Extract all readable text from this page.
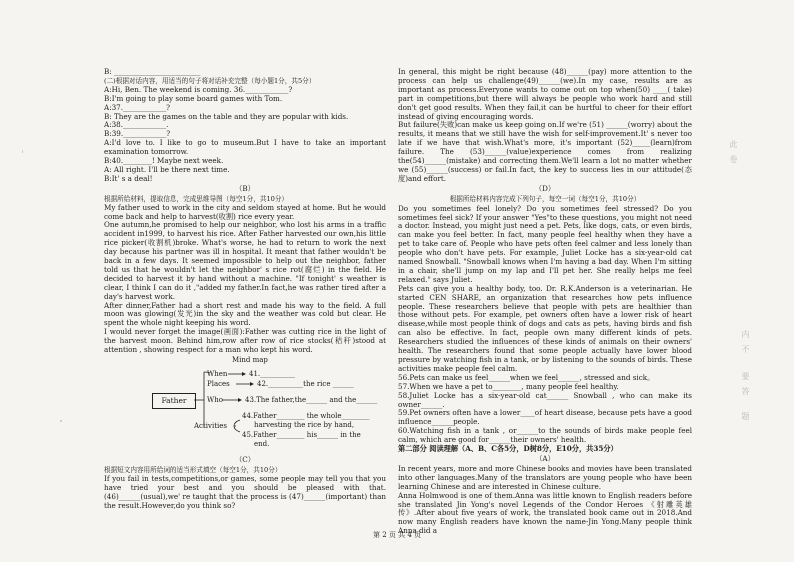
B: ________________________

(二)根据对话内容，用适当的句子将对话补充完整（每小题1分，共5分）

A:Hi, Ben. The weekend is coming. 36.____________?

B:I'm going to play some board games with Tom.

A:37.____________?

B: They are the games on the table and they are popular with kids.

A:38.____________.

B:39.____________?

A:I'd love to. I like to go to museum.But I have to take an important examination tomorrow.

B:40.________! Maybe next week.

A: All right. I'll be there next time.

B:It' s a deal!

（B）

根据所给材料，提取信息，完成思维导图（每空1分，共10分）

My father used to work in the city and seldom stayed at home. But he would come back and help to harvest(收割) rice every year.

One autumn,he promised to help our neighbor, who lost his arms in a traffic accident in1999, to harvest his rice. After Father harvested our own,his little rice picker(收割机)broke. What's worse, he had to return to work the next day because his partner was ill in hospital. It meant that father wouldn't be back in a few days. It seemed impossible to help out the neighbor, father told us that he wouldn't let the neighbor' s rice rot(腐烂) in the field. He decided to harvest it by hand without a machine. "If tonight' s weather is clear, I think I can do it ,"added my father.In fact,he was rather tired after a day's harvest work.

After dinner,Father had a short rest and made his way to the field. A full moon was glowing(发光)in the sky and the weather was cold but clear. He spent the whole night keeping his word.

I would never forget the image(画面):Father was cutting rice in the light of the harvest moon. Behind him,row after row of rice stocks(秸秆)stood at attention , showing respect for a man who kept his word.

Mind map
Father
When	41.__________
Places	42.__________the rice ______
Who	43.The father,the______ and the______
Activities
44.Father________ the whole________
harvesting the rice by hand,
45.Father________ his______ in the
end.

（C）

根据短文内容用所给词的适当形式填空（每空1分，共10分）

If you fail in tests,competitions,or games, some people may tell you that you have tried your best and you should be pleased with that.(46)______(usual),we' re taught that the process is (47)______(important) than the result.However,do you think so?

In general, this might be right because (48)______(pay) more attention to the process can help us challenge(49)______(we).In my case, results are as important as process.Everyone wants to come out on top when(50) ____( take) part in competitions,but there will always be people who work hard and still don't get good results. When they fail,it can be hurtful to cheer for their effort instead of giving encouraging words.

But failure(失败)can make us keep going on.If we're (51) ______(worry) about the results, it means that we still have the wish for self-improvement.It' s never too late if we have that wish.What's more, it's important (52)_____(learn)from failure. The (53)______(value)experience comes from realizing the(54)______(mistake) and correcting them.We'll learn a lot no matter whether we (55)______(success) or fail.In fact, the key to success lies in our attitude(态度)and effort.

（D）

根据所给材料内容完成下列句子，每空一词（每空1分，共10分）

Do you sometimes feel lonely? Do you sometimes feel stressed? Do you sometimes feel sick? If your answer "Yes"to these questions, you might not need a doctor. Instead, you might just need a pet. Pets, like dogs, cats, or even birds, can make you feel better. In fact, many people feel healthy when they have a pet to take care of. People who have pets often feel calmer and less lonely than people who don't have pets. For example, Juliet Locke has a six-year-old cat named Snowball. "Snowball knows when I'm having a bad day. When I'm sitting in a chair, she'll jump on my lap and I'll pet her. She really helps me feel relaxed." says Juliet.

Pets can give you a healthy body, too. Dr. R.K.Anderson is a veterinarian. He started CEN SHARE, an organization that researches how pets influence people. These researchers believe that people with pets are healthier than those without pets. For example, pet owners often have a lower risk of heart disease,while most people think of dogs and cats as pets, having birds and fish can also be effective. In fact, people own many different kinds of pets. Researchers studied the influences of these kinds of animals on their owners' health. The researchers found that some people actually have lower blood pressure by watching fish in a tank, or by listening to the sounds of birds. These activities make people feel calm.

56.Pets can make us feel______when we feel______, stressed and sick。

57.When we have a pet to________, many people feel healthy.

58.Juliet Locke has a six-year-old cat______ Snowball , who can make its owner______.

59.Pet owners often have a lower____of heart disease, because pets have a good influence______people.

60.Watching fish in a tank , or______to the sounds of birds make people feel calm, which are good for______their owners' health.

第二部分 阅读理解（A、B、C各5分，D树8分，E10分，共35分）

（A）

In recent years, more and more Chinese books and movies have been translated into other languages.Many of the translators are young people who have been learning Chinese and are interested in Chinese culture.

Anna Holmwood is one of them.Anna was little known to English readers before she translated Jin Yong's novel Legends of the Condor Heroes 《射雕英雄传》.After about five years of work, the translated book came out in 2018.And now many English readers have known the name-Jin Yong.Many people think Anna did a

第 2 页 共 4 页
此
卷
内
不
要
答
题
